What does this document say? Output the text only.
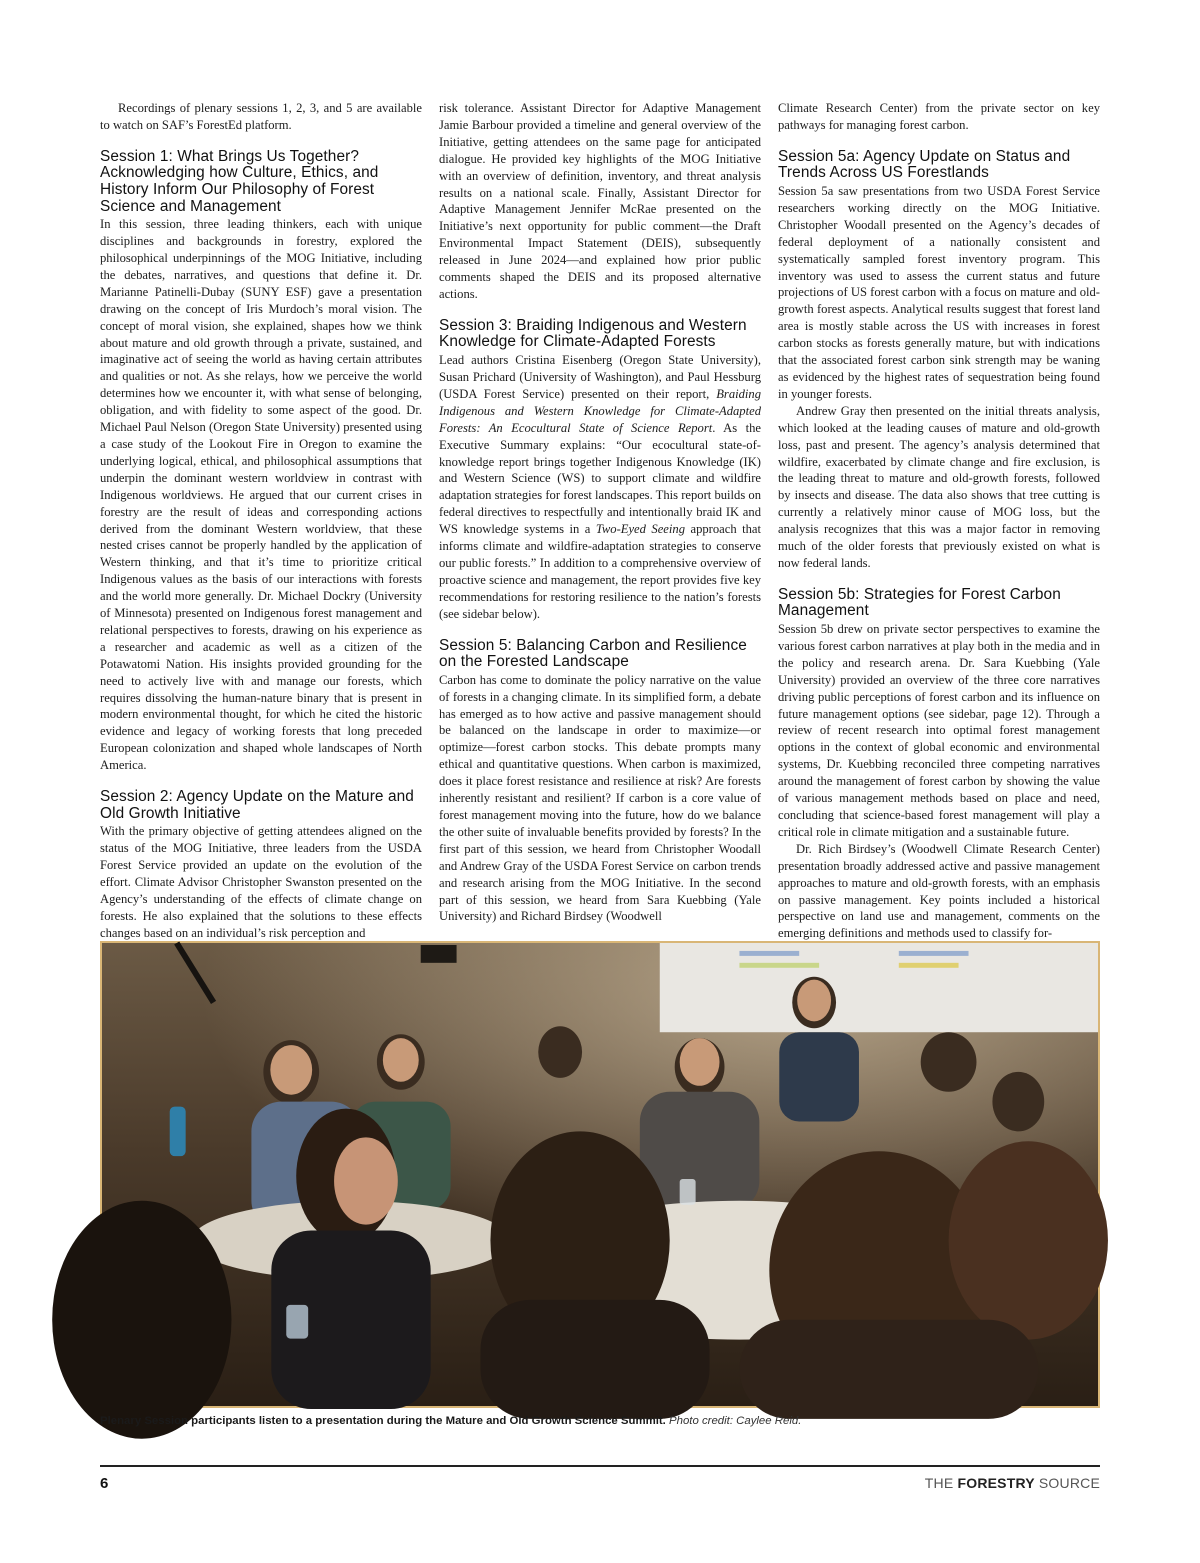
Recordings of plenary sessions 1, 2, 3, and 5 are available to watch on SAF’s ForestEd platform.

Session 1: What Brings Us Together? Acknowledging how Culture, Ethics, and History Inform Our Philosophy of Forest Science and Management

In this session, three leading thinkers, each with unique disciplines and backgrounds in forestry, explored the philosophical underpinnings of the MOG Initiative, including the debates, narratives, and questions that define it. Dr. Marianne Patinelli-Dubay (SUNY ESF) gave a presentation drawing on the concept of Iris Murdoch’s moral vision. The concept of moral vision, she explained, shapes how we think about mature and old growth through a private, sustained, and imaginative act of seeing the world as having certain attributes and qualities or not. As she relays, how we perceive the world determines how we encounter it, with what sense of belonging, obligation, and with fidelity to some aspect of the good. Dr. Michael Paul Nelson (Oregon State University) presented using a case study of the Lookout Fire in Oregon to examine the underlying logical, ethical, and philosophical assumptions that underpin the dominant western worldview in contrast with Indigenous worldviews. He argued that our current crises in forestry are the result of ideas and corresponding actions derived from the dominant Western worldview, that these nested crises cannot be properly handled by the application of Western thinking, and that it’s time to prioritize critical Indigenous values as the basis of our interactions with forests and the world more generally. Dr. Michael Dockry (University of Minnesota) presented on Indigenous forest management and relational perspectives to forests, drawing on his experience as a researcher and academic as well as a citizen of the Potawatomi Nation. His insights provided grounding for the need to actively live with and manage our forests, which requires dissolving the human-nature binary that is present in modern environmental thought, for which he cited the historic evidence and legacy of working forests that long preceded European colonization and shaped whole landscapes of North America.

Session 2: Agency Update on the Mature and Old Growth Initiative

With the primary objective of getting attendees aligned on the status of the MOG Initiative, three leaders from the USDA Forest Service provided an update on the evolution of the effort. Climate Advisor Christopher Swanston presented on the Agency’s understanding of the effects of climate change on forests. He also explained that the solutions to these effects changes based on an individual’s risk perception and

risk tolerance. Assistant Director for Adaptive Management Jamie Barbour provided a timeline and general overview of the Initiative, getting attendees on the same page for anticipated dialogue. He provided key highlights of the MOG Initiative with an overview of definition, inventory, and threat analysis results on a national scale. Finally, Assistant Director for Adaptive Management Jennifer McRae presented on the Initiative’s next opportunity for public comment—the Draft Environmental Impact Statement (DEIS), subsequently released in June 2024—and explained how prior public comments shaped the DEIS and its proposed alternative actions.

Session 3: Braiding Indigenous and Western Knowledge for Climate-Adapted Forests

Lead authors Cristina Eisenberg (Oregon State University), Susan Prichard (University of Washington), and Paul Hessburg (USDA Forest Service) presented on their report, Braiding Indigenous and Western Knowledge for Climate-Adapted Forests: An Ecocultural State of Science Report. As the Executive Summary explains: “Our ecocultural state-of-knowledge report brings together Indigenous Knowledge (IK) and Western Science (WS) to support climate and wildfire adaptation strategies for forest landscapes. This report builds on federal directives to respectfully and intentionally braid IK and WS knowledge systems in a Two-Eyed Seeing approach that informs climate and wildfire-adaptation strategies to conserve our public forests.” In addition to a comprehensive overview of proactive science and management, the report provides five key recommendations for restoring resilience to the nation’s forests (see sidebar below).

Session 5: Balancing Carbon and Resilience on the Forested Landscape

Carbon has come to dominate the policy narrative on the value of forests in a changing climate. In its simplified form, a debate has emerged as to how active and passive management should be balanced on the landscape in order to maximize—or optimize—forest carbon stocks. This debate prompts many ethical and quantitative questions. When carbon is maximized, does it place forest resistance and resilience at risk? Are forests inherently resistant and resilient? If carbon is a core value of forest management moving into the future, how do we balance the other suite of invaluable benefits provided by forests? In the first part of this session, we heard from Christopher Woodall and Andrew Gray of the USDA Forest Service on carbon trends and research arising from the MOG Initiative. In the second part of this session, we heard from Sara Kuebbing (Yale University) and Richard Birdsey (Woodwell

Climate Research Center) from the private sector on key pathways for managing forest carbon.

Session 5a: Agency Update on Status and Trends Across US Forestlands

Session 5a saw presentations from two USDA Forest Service researchers working directly on the MOG Initiative. Christopher Woodall presented on the Agency’s decades of federal deployment of a nationally consistent and systematically sampled forest inventory program. This inventory was used to assess the current status and future projections of US forest carbon with a focus on mature and old-growth forest aspects. Analytical results suggest that forest land area is mostly stable across the US with increases in forest carbon stocks as forests generally mature, but with indications that the associated forest carbon sink strength may be waning as evidenced by the highest rates of sequestration being found in younger forests.

Andrew Gray then presented on the initial threats analysis, which looked at the leading causes of mature and old-growth loss, past and present. The agency’s analysis determined that wildfire, exacerbated by climate change and fire exclusion, is the leading threat to mature and old-growth forests, followed by insects and disease. The data also shows that tree cutting is currently a relatively minor cause of MOG loss, but the analysis recognizes that this was a major factor in removing much of the older forests that previously existed on what is now federal lands.

Session 5b: Strategies for Forest Carbon Management

Session 5b drew on private sector perspectives to examine the various forest carbon narratives at play both in the media and in the policy and research arena. Dr. Sara Kuebbing (Yale University) provided an overview of the three core narratives driving public perceptions of forest carbon and its influence on future management options (see sidebar, page 12). Through a review of recent research into optimal forest management options in the context of global economic and environmental systems, Dr. Kuebbing reconciled three competing narratives around the management of forest carbon by showing the value of various management methods based on place and need, concluding that science-based forest management will play a critical role in climate mitigation and a sustainable future.

Dr. Rich Birdsey’s (Woodwell Climate Research Center) presentation broadly addressed active and passive management approaches to mature and old-growth forests, with an emphasis on passive management. Key points included a historical perspective on land use and management, comments on the emerging definitions and methods used to classify for-

Plenary Session participants listen to a presentation during the Mature and Old Growth Science Summit. Photo credit: Caylee Reid.
6	THE FORESTRY SOURCE
